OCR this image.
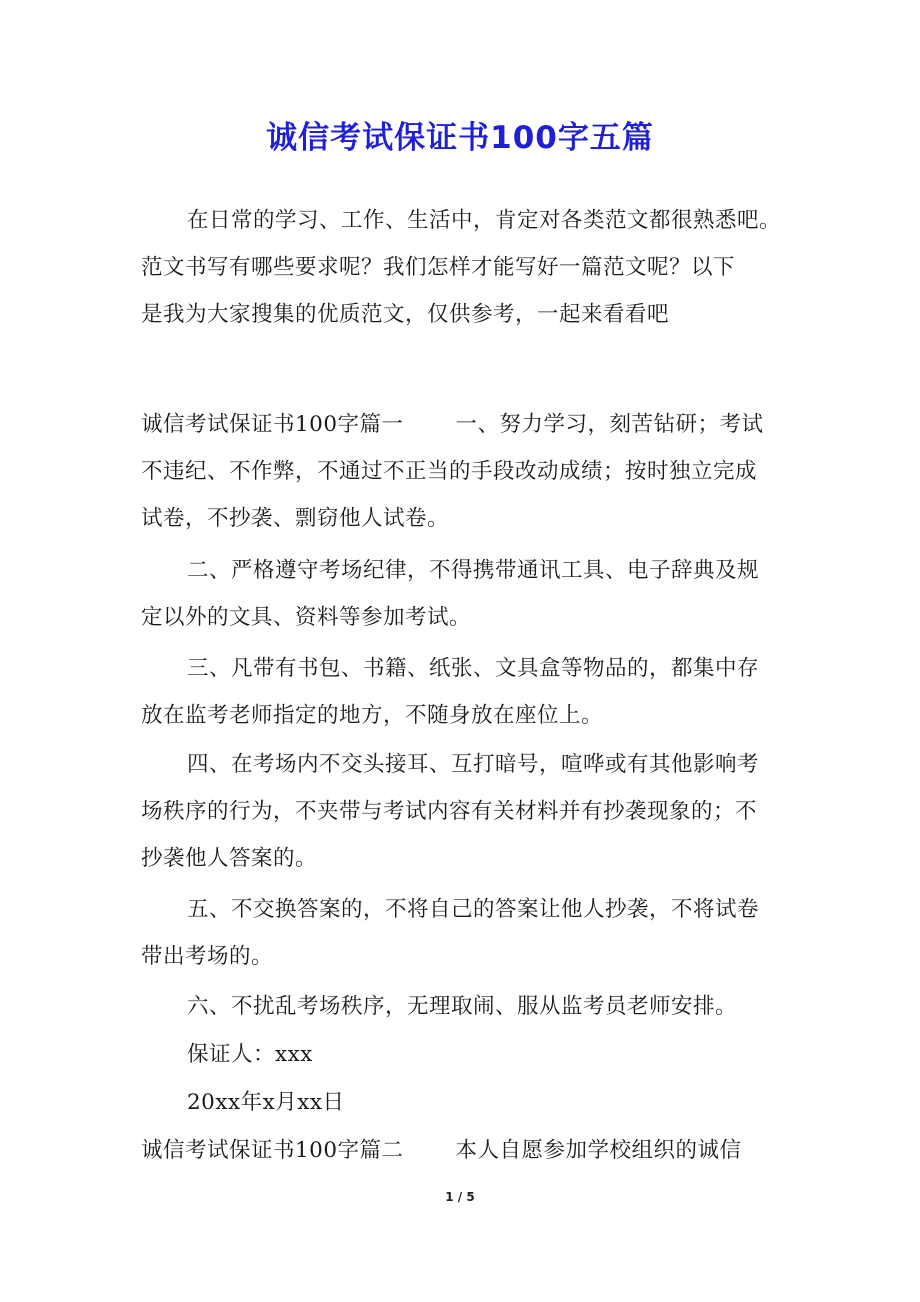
诚信考试保证书100字五篇
在日常的学习、工作、生活中，肯定对各类范文都很熟悉吧。
范文书写有哪些要求呢？我们怎样才能写好一篇范文呢？以下
是我为大家搜集的优质范文，仅供参考，一起来看看吧
诚信考试保证书100字篇一 一、努力学习，刻苦钻研；考试
不违纪、不作弊，不通过不正当的手段改动成绩；按时独立完成
试卷，不抄袭、剽窃他人试卷。
二、严格遵守考场纪律，不得携带通讯工具、电子辞典及规
定以外的文具、资料等参加考试。
三、凡带有书包、书籍、纸张、文具盒等物品的，都集中存
放在监考老师指定的地方，不随身放在座位上。
四、在考场内不交头接耳、互打暗号，喧哗或有其他影响考
场秩序的行为，不夹带与考试内容有关材料并有抄袭现象的；不
抄袭他人答案的。
五、不交换答案的，不将自己的答案让他人抄袭，不将试卷
带出考场的。
六、不扰乱考场秩序，无理取闹、服从监考员老师安排。
保证人：xxx
20xx年x月xx日
诚信考试保证书100字篇二 本人自愿参加学校组织的诚信
1 / 5
